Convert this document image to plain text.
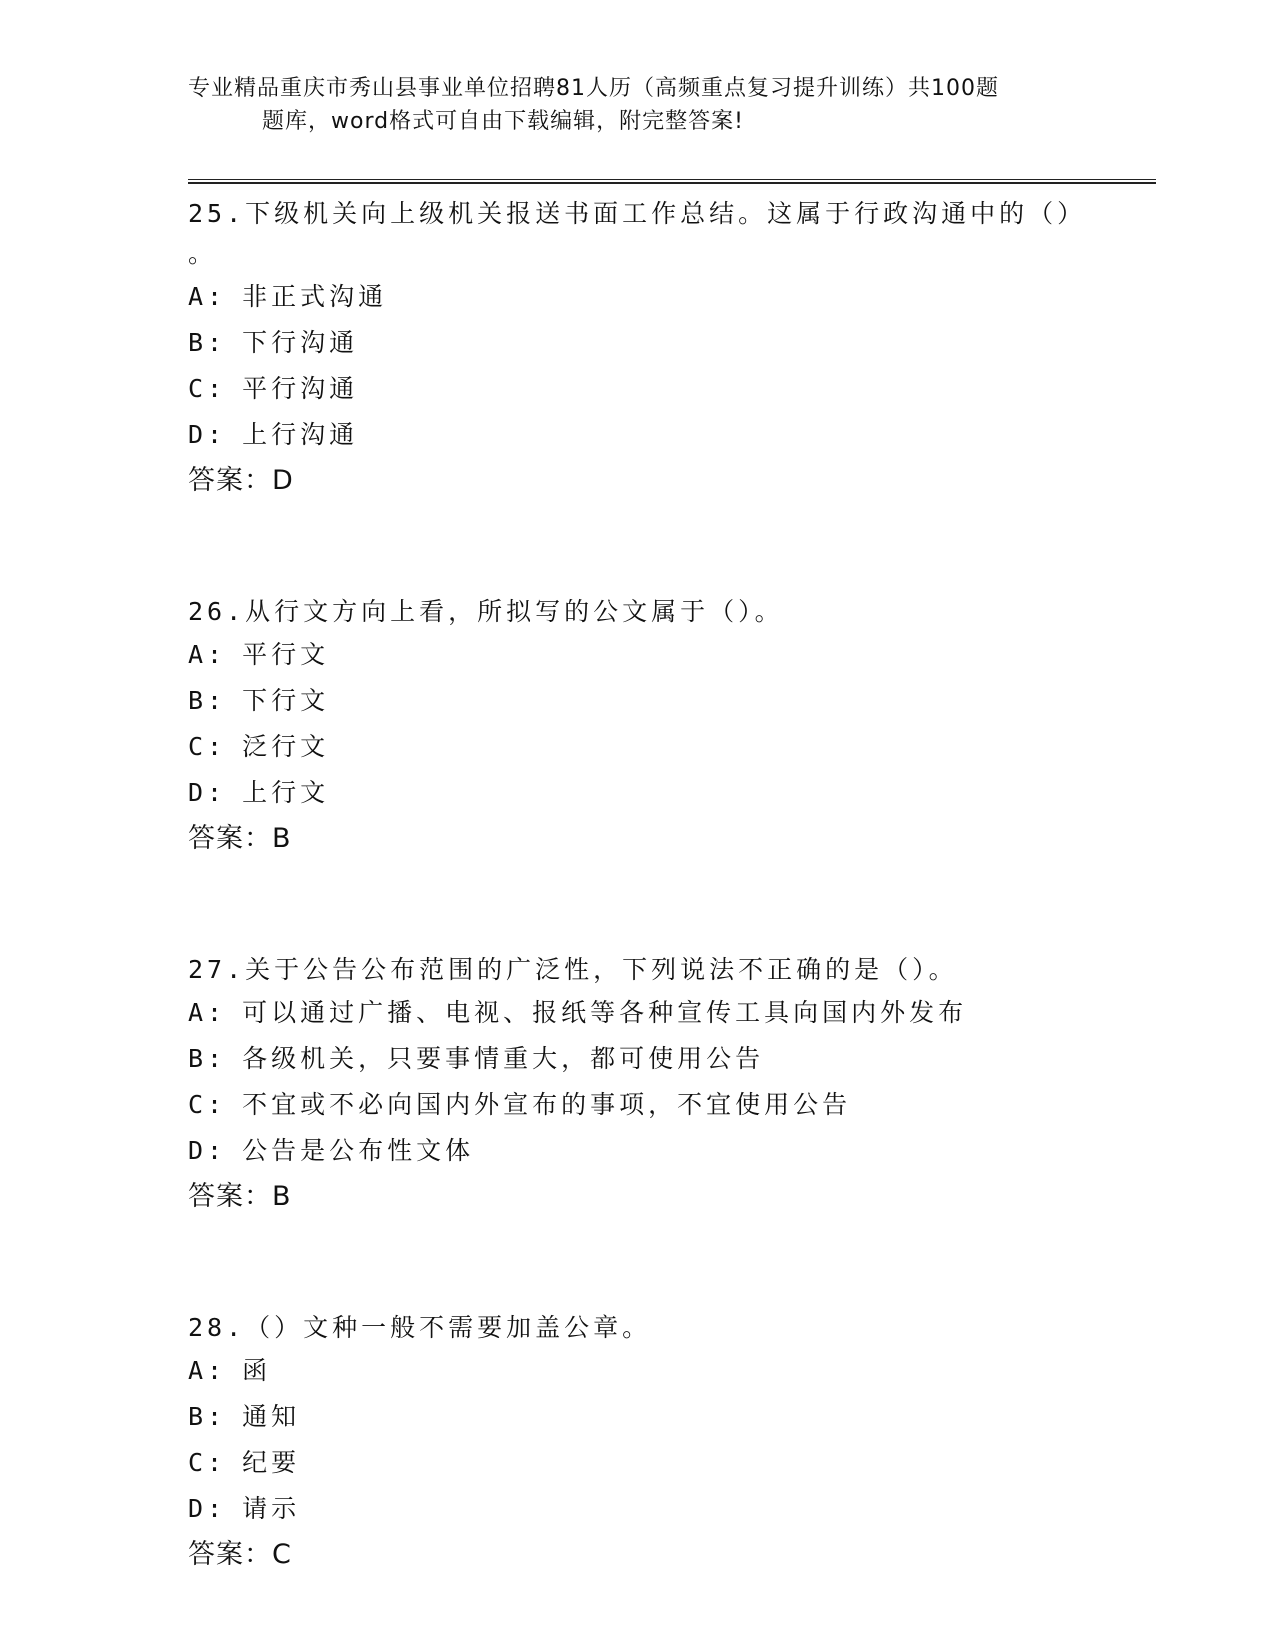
专业精品重庆市秀山县事业单位招聘81人历（高频重点复习提升训练）共100题
题库，word格式可自由下载编辑，附完整答案!
25.下级机关向上级机关报送书面工作总结。这属于行政沟通中的（）
。
A: 非正式沟通
B: 下行沟通
C: 平行沟通
D: 上行沟通
答案：D
26.从行文方向上看，所拟写的公文属于（）。
A: 平行文
B: 下行文
C: 泛行文
D: 上行文
答案：B
27.关于公告公布范围的广泛性，下列说法不正确的是（）。
A: 可以通过广播、电视、报纸等各种宣传工具向国内外发布
B: 各级机关，只要事情重大，都可使用公告
C: 不宜或不必向国内外宣布的事项，不宜使用公告
D: 公告是公布性文体
答案：B
28.（）文种一般不需要加盖公章。
A: 函
B: 通知
C: 纪要
D: 请示
答案：C
